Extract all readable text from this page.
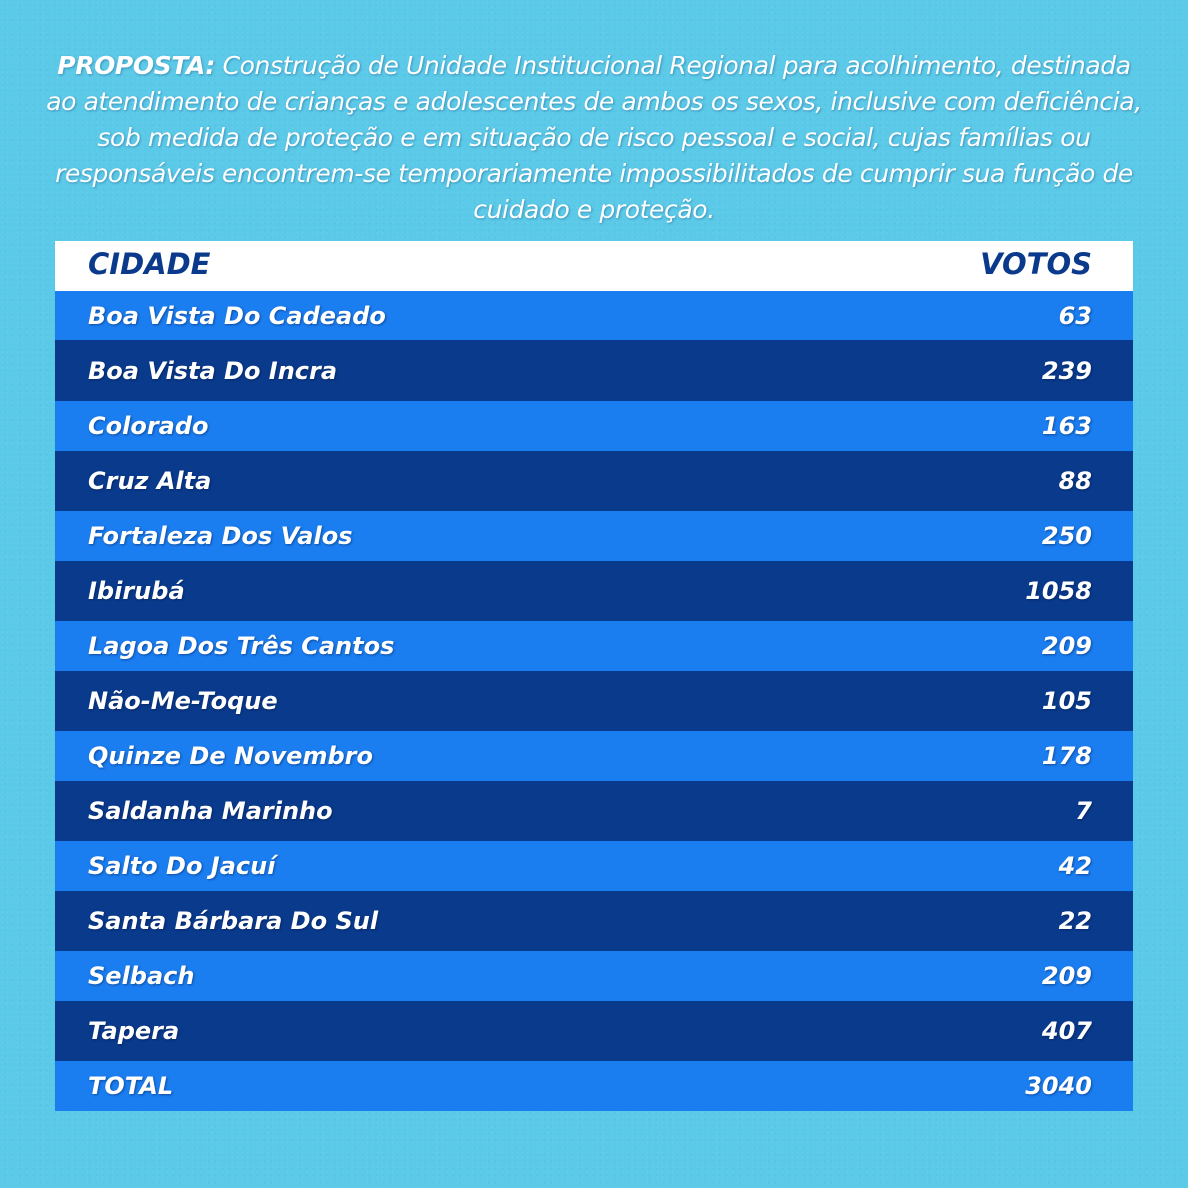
PROPOSTA: Construção de Unidade Institucional Regional para acolhimento, destinada ao atendimento de crianças e adolescentes de ambos os sexos, inclusive com deficiência, sob medida de proteção e em situação de risco pessoal e social, cujas famílias ou responsáveis encontrem-se temporariamente impossibilitados de cumprir sua função de cuidado e proteção.
CIDADE	VOTOS
Boa Vista Do Cadeado	63
Boa Vista Do Incra	239
Colorado	163
Cruz Alta	88
Fortaleza Dos Valos	250
Ibirubá	1058
Lagoa Dos Três Cantos	209
Não-Me-Toque	105
Quinze De Novembro	178
Saldanha Marinho	7
Salto Do Jacuí	42
Santa Bárbara Do Sul	22
Selbach	209
Tapera	407
TOTAL	3040
